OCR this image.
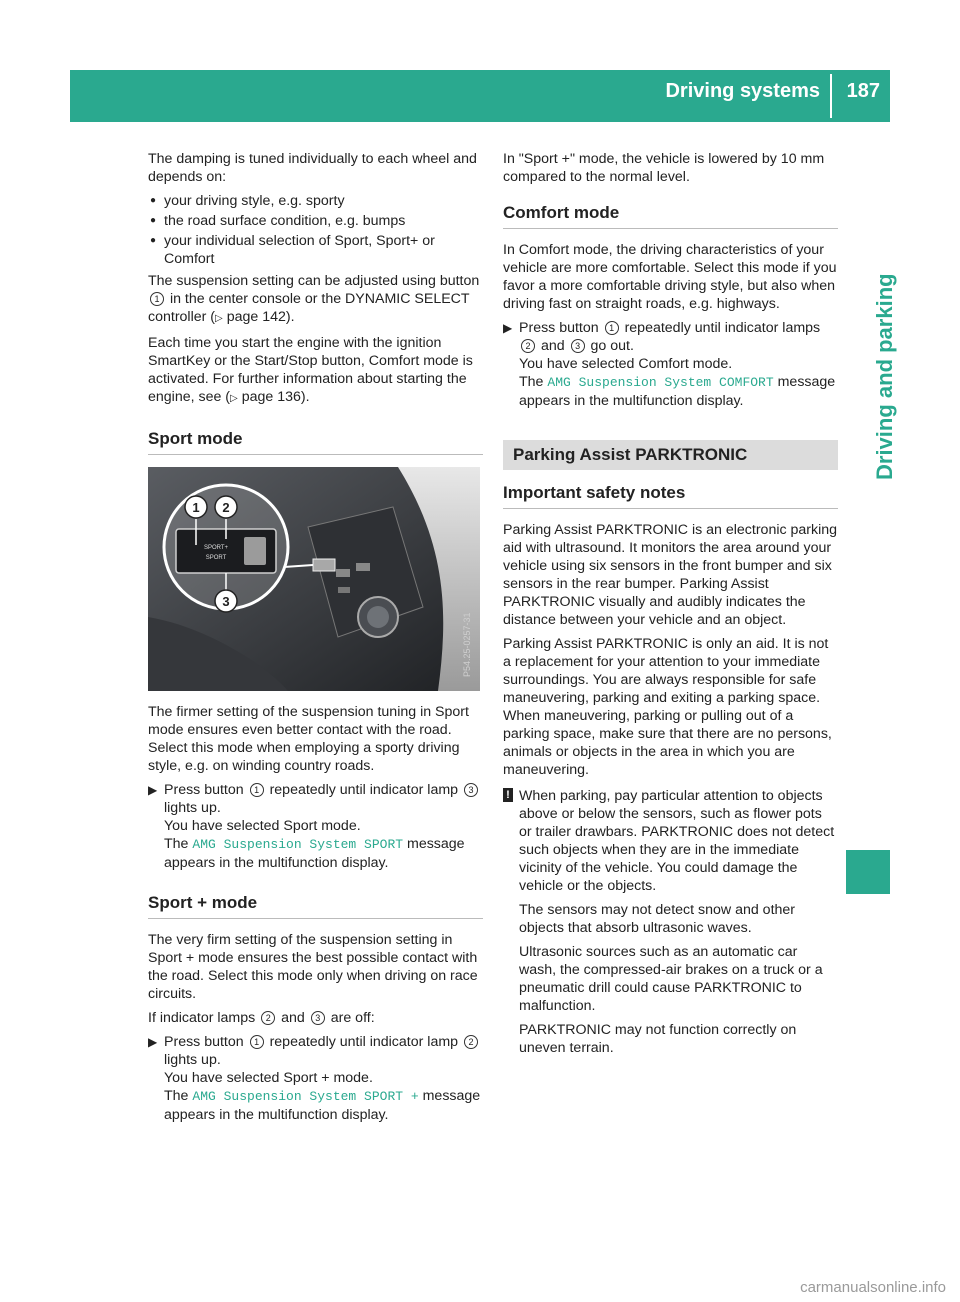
Driving systems 187
Driving and parking

The damping is tuned individually to each wheel and depends on:

● your driving style, e.g. sporty
● the road surface condition, e.g. bumps
● your individual selection of Sport, Sport+ or Comfort

The suspension setting can be adjusted using button 1 in the center console or the DYNAMIC SELECT controller (▷ page 142).

Each time you start the engine with the ignition SmartKey or the Start/Stop button, Comfort mode is activated. For further information about starting the engine, see (▷ page 136).

Sport mode
1 2
3
SPORT+
SPORT
P54.25-0257-31

The firmer setting of the suspension tuning in Sport mode ensures even better contact with the road. Select this mode when employing a sporty driving style, e.g. on winding country roads.

▶ Press button 1 repeatedly until indicator lamp 3 lights up.
You have selected Sport mode.
The AMG Suspension System SPORT message appears in the multifunction display.
Sport + mode

The very firm setting of the suspension setting in Sport + mode ensures the best possible contact with the road. Select this mode only when driving on race circuits.

If indicator lamps 2 and 3 are off:

▶ Press button 1 repeatedly until indicator lamp 2 lights up.
You have selected Sport + mode.
The AMG Suspension System SPORT + message appears in the multifunction display.

In "Sport +" mode, the vehicle is lowered by 10 mm compared to the normal level.

Comfort mode

In Comfort mode, the driving characteristics of your vehicle are more comfortable. Select this mode if you favor a more comfortable driving style, but also when driving fast on straight roads, e.g. highways.

▶ Press button 1 repeatedly until indicator lamps 2 and 3 go out.
You have selected Comfort mode.
The AMG Suspension System COMFORT message appears in the multifunction display.
Parking Assist PARKTRONIC
Important safety notes

Parking Assist PARKTRONIC is an electronic parking aid with ultrasound. It monitors the area around your vehicle using six sensors in the front bumper and six sensors in the rear bumper. Parking Assist PARKTRONIC visually and audibly indicates the distance between your vehicle and an object.

Parking Assist PARKTRONIC is only an aid. It is not a replacement for your attention to your immediate surroundings. You are always responsible for safe maneuvering, parking and exiting a parking space. When maneuvering, parking or pulling out of a parking space, make sure that there are no persons, animals or objects in the area in which you are maneuvering.

! When parking, pay particular attention to objects above or below the sensors, such as flower pots or trailer drawbars. PARKTRONIC does not detect such objects when they are in the immediate vicinity of the vehicle. You could damage the vehicle or the objects.

The sensors may not detect snow and other objects that absorb ultrasonic waves.

Ultrasonic sources such as an automatic car wash, the compressed-air brakes on a truck or a pneumatic drill could cause PARKTRONIC to malfunction.

PARKTRONIC may not function correctly on uneven terrain.

carmanualsonline.info
